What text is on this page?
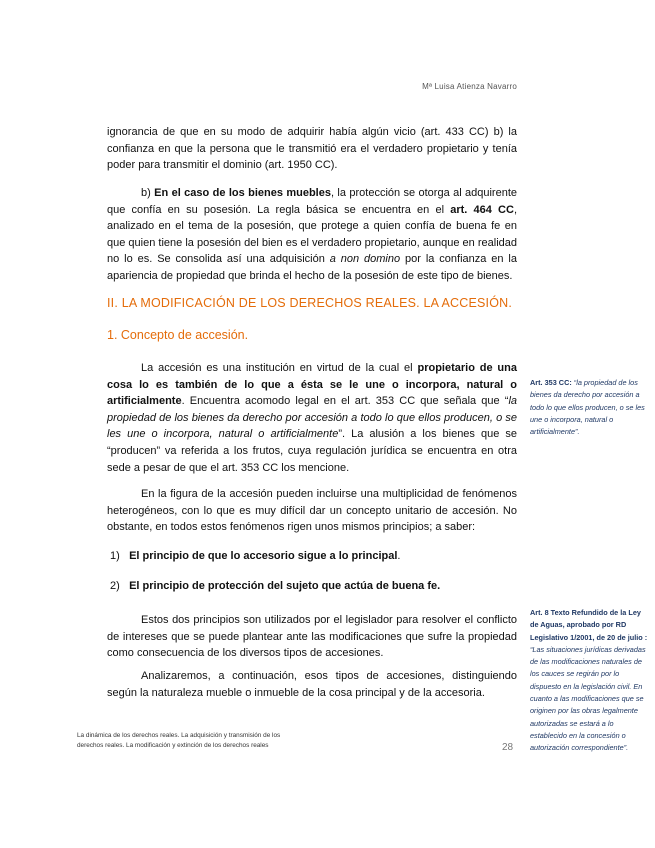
Mª Luisa Atienza Navarro
ignorancia de que en su modo de adquirir había algún vicio (art. 433 CC) b) la confianza en que la persona que le transmitió era el verdadero propietario y tenía poder para transmitir el dominio (art. 1950 CC).
b) En el caso de los bienes muebles, la protección se otorga al adquirente que confía en su posesión. La regla básica se encuentra en el art. 464 CC, analizado en el tema de la posesión, que protege a quien confía de buena fe en que quien tiene la posesión del bien es el verdadero propietario, aunque en realidad no lo es. Se consolida así una adquisición a non domino por la confianza en la apariencia de propiedad que brinda el hecho de la posesión de este tipo de bienes.
II. LA MODIFICACIÓN DE LOS DERECHOS REALES. LA ACCESIÓN.
1. Concepto de accesión.
La accesión es una institución en virtud de la cual el propietario de una cosa lo es también de lo que a ésta se le une o incorpora, natural o artificialmente. Encuentra acomodo legal en el art. 353 CC que señala que “la propiedad de los bienes da derecho por accesión a todo lo que ellos producen, o se les une o incorpora, natural o artificialmente”. La alusión a los bienes que se “producen” va referida a los frutos, cuya regulación jurídica se encuentra en otra sede a pesar de que el art. 353 CC los mencione.
En la figura de la accesión pueden incluirse una multiplicidad de fenómenos heterogéneos, con lo que es muy difícil dar un concepto unitario de accesión. No obstante, en todos estos fenómenos rigen unos mismos principios; a saber:
1) El principio de que lo accesorio sigue a lo principal.
2) El principio de protección del sujeto que actúa de buena fe.
Estos dos principios son utilizados por el legislador para resolver el conflicto de intereses que se puede plantear ante las modificaciones que sufre la propiedad como consecuencia de los diversos tipos de accesiones.
Analizaremos, a continuación, esos tipos de accesiones, distinguiendo según la naturaleza mueble o inmueble de la cosa principal y de la accesoria.
Art. 353 CC: “la propiedad de los bienes da derecho por accesión a todo lo que ellos producen, o se les une o incorpora, natural o artificialmente”.
Art. 8 Texto Refundido de la Ley de Aguas, aprobado por RD Legislativo 1/2001, de 20 de julio : “Las situaciones jurídicas derivadas de las modificaciones naturales de los cauces se regirán por lo dispuesto en la legislación civil. En cuanto a las modificaciones que se originen por las obras legalmente autorizadas se estará a lo establecido en la concesión o autorización correspondiente”.
La dinámica de los derechos reales. La adquisición y transmisión de los derechos reales. La modificación y extinción de los derechos reales	28
